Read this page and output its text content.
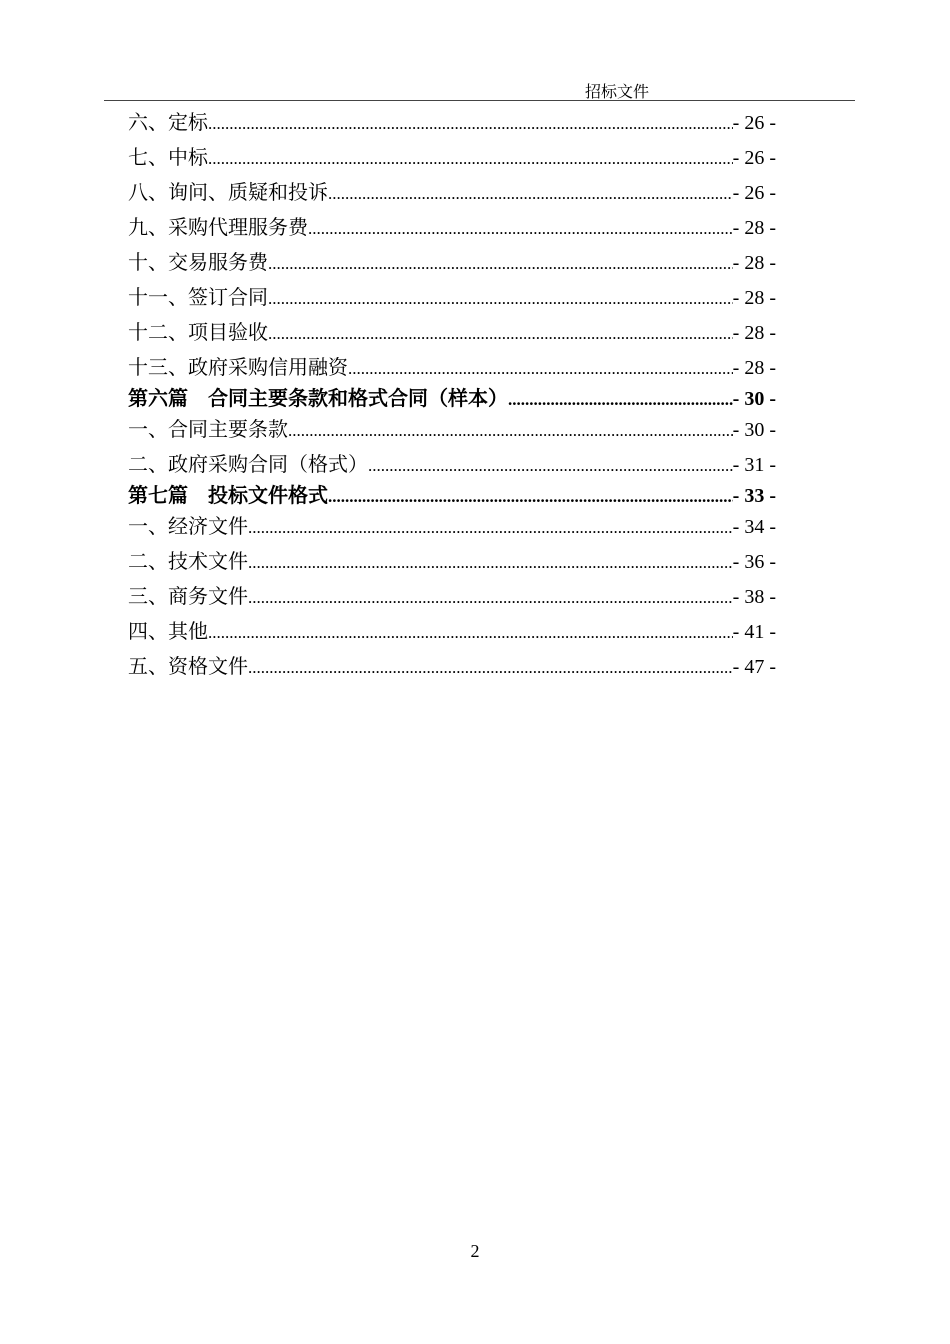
招标文件
六、定标 .....	- 26 -
七、中标 .....	- 26 -
八、询问、质疑和投诉 .....	- 26 -
九、采购代理服务费 .....	- 28 -
十、交易服务费 .....	- 28 -
十一、签订合同 .....	- 28 -
十二、项目验收 .....	- 28 -
十三、政府采购信用融资 .....	- 28 -
第六篇　合同主要条款和格式合同（样本） .....	- 30 -
一、合同主要条款 .....	- 30 -
二、政府采购合同（格式） .....	- 31 -
第七篇　投标文件格式 .....	- 33 -
一、经济文件 .....	- 34 -
二、技术文件 .....	- 36 -
三、商务文件 .....	- 38 -
四、其他 .....	- 41 -
五、资格文件 .....	- 47 -
2
